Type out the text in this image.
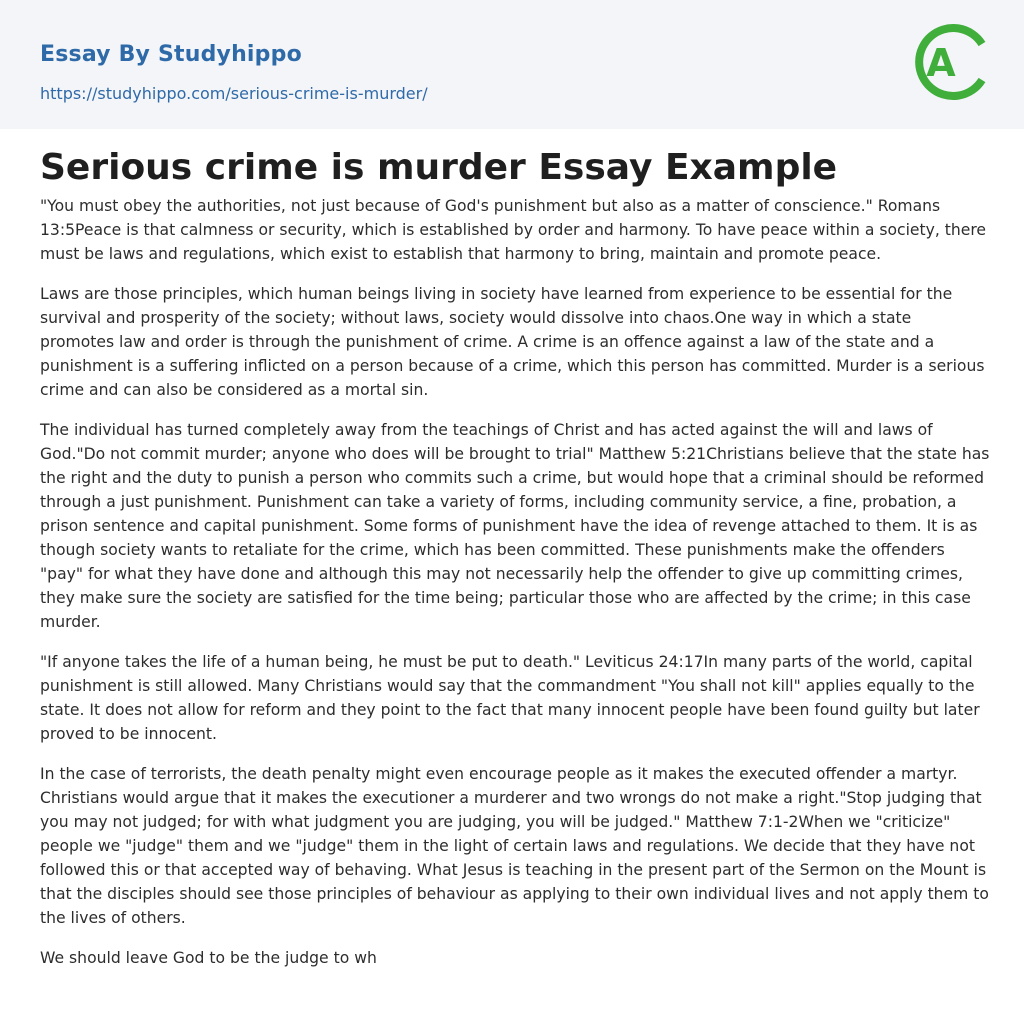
Essay By Studyhippo
https://studyhippo.com/serious-crime-is-murder/
A
Serious crime is murder Essay Example

"You must obey the authorities, not just because of God's punishment but also as a matter of conscience." Romans 13:5Peace is that calmness or security, which is established by order and harmony. To have peace within a society, there must be laws and regulations, which exist to establish that harmony to bring, maintain and promote peace.

Laws are those principles, which human beings living in society have learned from experience to be essential for the survival and prosperity of the society; without laws, society would dissolve into chaos.One way in which a state promotes law and order is through the punishment of crime. A crime is an offence against a law of the state and a punishment is a suffering inflicted on a person because of a crime, which this person has committed. Murder is a serious crime and can also be considered as a mortal sin.

The individual has turned completely away from the teachings of Christ and has acted against the will and laws of God."Do not commit murder; anyone who does will be brought to trial" Matthew 5:21Christians believe that the state has the right and the duty to punish a person who commits such a crime, but would hope that a criminal should be reformed through a just punishment. Punishment can take a variety of forms, including community service, a fine, probation, a prison sentence and capital punishment. Some forms of punishment have the idea of revenge attached to them. It is as though society wants to retaliate for the crime, which has been committed. These punishments make the offenders "pay" for what they have done and although this may not necessarily help the offender to give up committing crimes, they make sure the society are satisfied for the time being; particular those who are affected by the crime; in this case murder.

"If anyone takes the life of a human being, he must be put to death." Leviticus 24:17In many parts of the world, capital punishment is still allowed. Many Christians would say that the commandment "You shall not kill" applies equally to the state. It does not allow for reform and they point to the fact that many innocent people have been found guilty but later proved to be innocent.

In the case of terrorists, the death penalty might even encourage people as it makes the executed offender a martyr. Christians would argue that it makes the executioner a murderer and two wrongs do not make a right."Stop judging that you may not judged; for with what judgment you are judging, you will be judged." Matthew 7:1-2When we "criticize" people we "judge" them and we "judge" them in the light of certain laws and regulations. We decide that they have not followed this or that accepted way of behaving. What Jesus is teaching in the present part of the Sermon on the Mount is that the disciples should see those principles of behaviour as applying to their own individual lives and not apply them to the lives of others.

We should leave God to be the judge to wh
